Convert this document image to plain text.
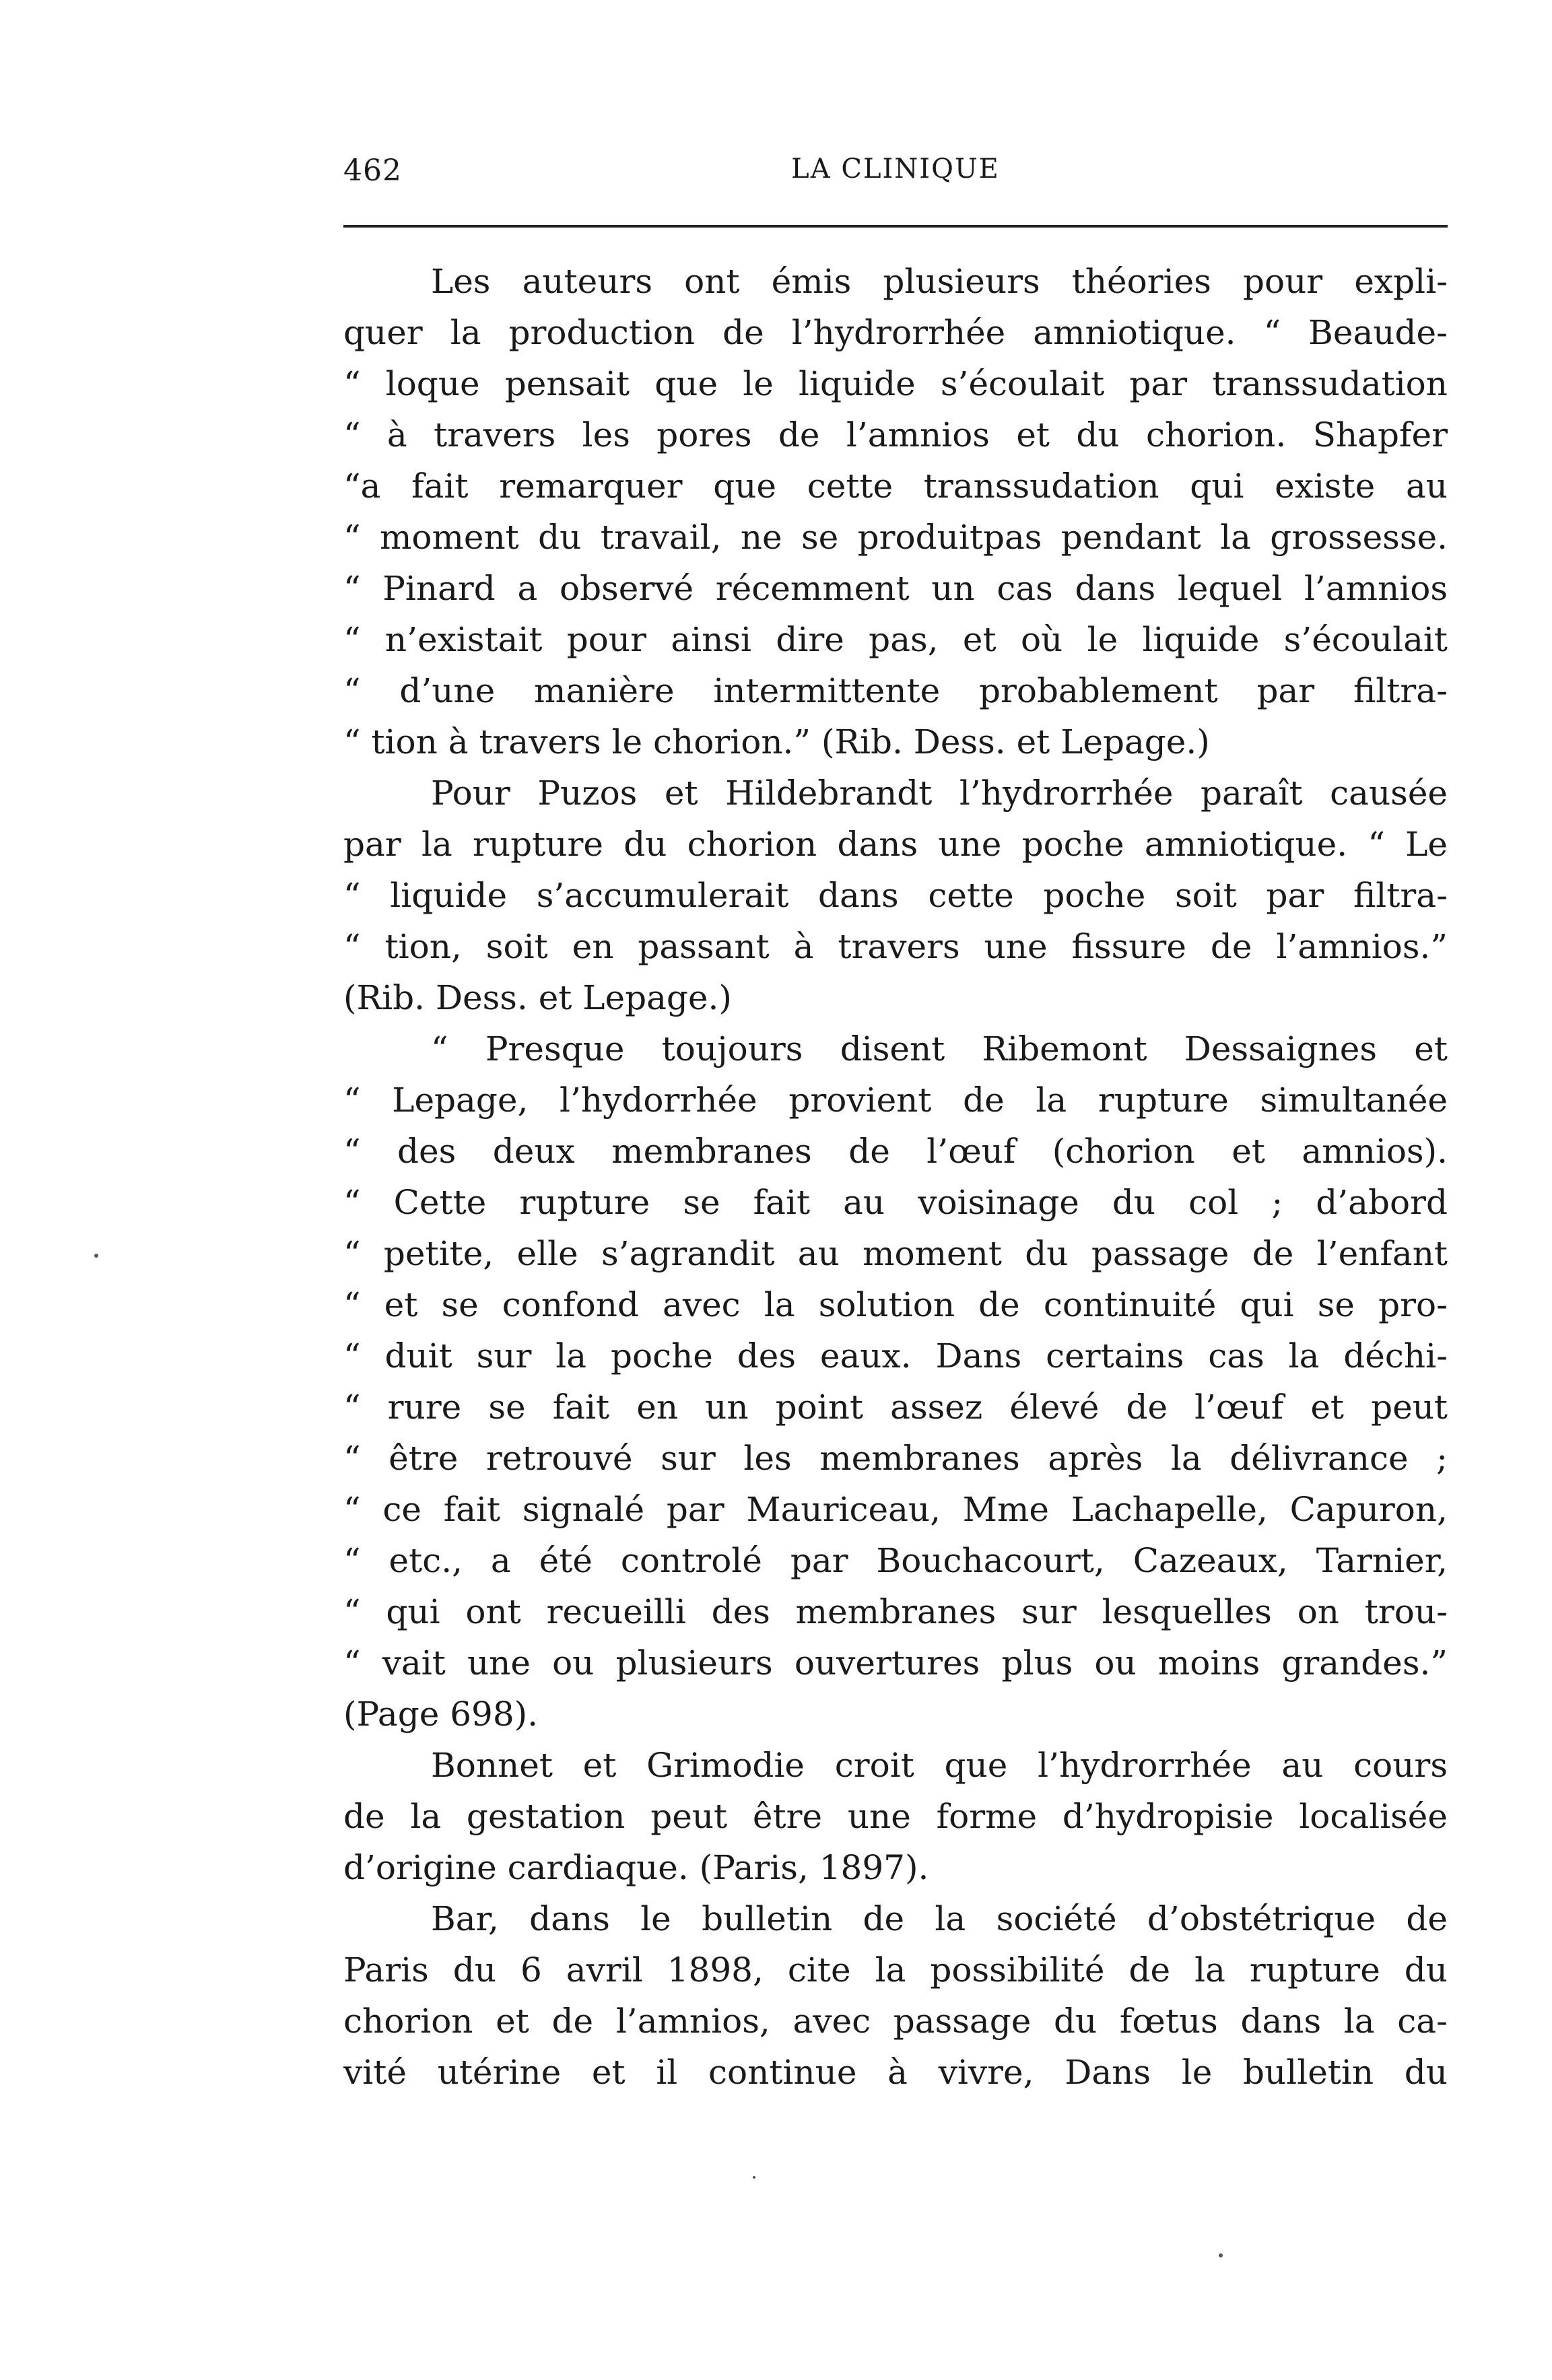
462	LA CLINIQUE
Les auteurs ont émis plusieurs théories pour expli-
quer la production de l’hydrorrhée amniotique. “ Beaude-
“ loque pensait que le liquide s’écoulait par transsudation
“ à travers les pores de l’amnios et du chorion. Shapfer
“a fait remarquer que cette transsudation qui existe au
“ moment du travail, ne se produitpas pendant la grossesse.
“ Pinard a observé récemment un cas dans lequel l’amnios
“ n’existait pour ainsi dire pas, et où le liquide s’écoulait
“ d’une manière intermittente probablement par filtra-
“ tion à travers le chorion.” (Rib. Dess. et Lepage.)
Pour Puzos et Hildebrandt l’hydrorrhée paraît causée
par la rupture du chorion dans une poche amniotique. “ Le
“ liquide s’accumulerait dans cette poche soit par filtra-
“ tion, soit en passant à travers une fissure de l’amnios.”
(Rib. Dess. et Lepage.)
“ Presque toujours disent Ribemont Dessaignes et
“ Lepage, l’hydorrhée provient de la rupture simultanée
“ des deux membranes de l’œuf (chorion et amnios).
“ Cette rupture se fait au voisinage du col ; d’abord
“ petite, elle s’agrandit au moment du passage de l’enfant
“ et se confond avec la solution de continuité qui se pro-
“ duit sur la poche des eaux. Dans certains cas la déchi-
“ rure se fait en un point assez élevé de l’œuf et peut
“ être retrouvé sur les membranes après la délivrance ;
“ ce fait signalé par Mauriceau, Mme Lachapelle, Capuron,
“ etc., a été controlé par Bouchacourt, Cazeaux, Tarnier,
“ qui ont recueilli des membranes sur lesquelles on trou-
“ vait une ou plusieurs ouvertures plus ou moins grandes.”
(Page 698).
Bonnet et Grimodie croit que l’hydrorrhée au cours
de la gestation peut être une forme d’hydropisie localisée
d’origine cardiaque. (Paris, 1897).
Bar, dans le bulletin de la société d’obstétrique de
Paris du 6 avril 1898, cite la possibilité de la rupture du
chorion et de l’amnios, avec passage du fœtus dans la ca-
vité utérine et il continue à vivre, Dans le bulletin du
